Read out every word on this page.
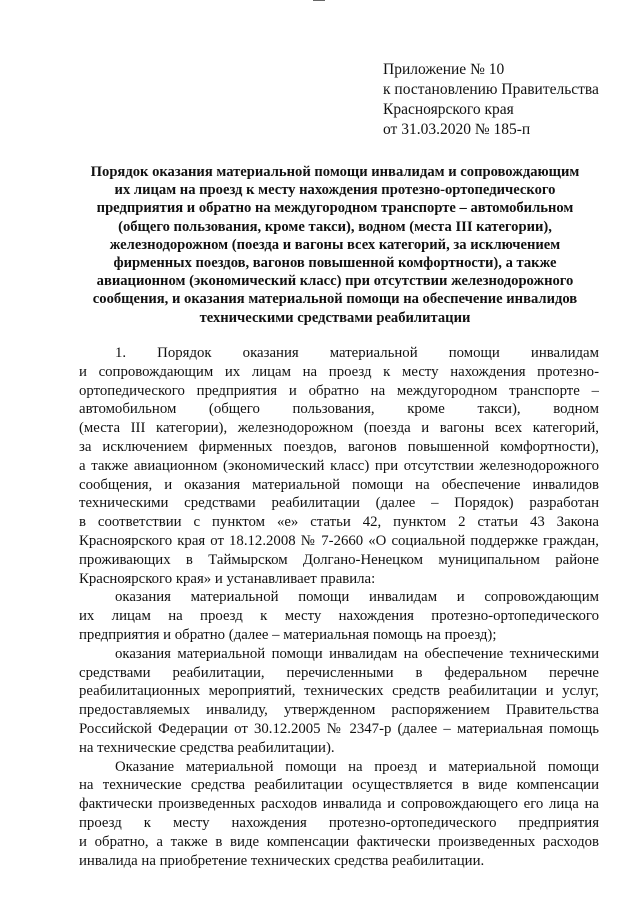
Приложение № 10
к постановлению Правительства
Красноярского края
от 31.03.2020 № 185-п
Порядок оказания материальной помощи инвалидам и сопровождающим
их лицам на проезд к месту нахождения протезно-ортопедического
предприятия и обратно на междугородном транспорте – автомобильном
(общего пользования, кроме такси), водном (места III категории),
железнодорожном (поезда и вагоны всех категорий, за исключением
фирменных поездов, вагонов повышенной комфортности), а также
авиационном (экономический класс) при отсутствии железнодорожного
сообщения, и оказания материальной помощи на обеспечение инвалидов
техническими средствами реабилитации
1. Порядок оказания материальной помощи инвалидам
и сопровождающим их лицам на проезд к месту нахождения протезно-
ортопедического предприятия и обратно на междугородном транспорте –
автомобильном (общего пользования, кроме такси), водном
(места III категории), железнодорожном (поезда и вагоны всех категорий,
за исключением фирменных поездов, вагонов повышенной комфортности),
а также авиационном (экономический класс) при отсутствии железнодорожного
сообщения, и оказания материальной помощи на обеспечение инвалидов
техническими средствами реабилитации (далее – Порядок) разработан
в соответствии с пунктом «е» статьи 42, пунктом 2 статьи 43 Закона
Красноярского края от 18.12.2008 № 7-2660 «О социальной поддержке граждан,
проживающих в Таймырском Долгано-Ненецком муниципальном районе
Красноярского края» и устанавливает правила:
оказания материальной помощи инвалидам и сопровождающим
их лицам на проезд к месту нахождения протезно-ортопедического
предприятия и обратно (далее – материальная помощь на проезд);
оказания материальной помощи инвалидам на обеспечение техническими
средствами реабилитации, перечисленными в федеральном перечне
реабилитационных мероприятий, технических средств реабилитации и услуг,
предоставляемых инвалиду, утвержденном распоряжением Правительства
Российской Федерации от 30.12.2005 № 2347-р (далее – материальная помощь
на технические средства реабилитации).
Оказание материальной помощи на проезд и материальной помощи
на технические средства реабилитации осуществляется в виде компенсации
фактически произведенных расходов инвалида и сопровождающего его лица на
проезд к месту нахождения протезно-ортопедического предприятия
и обратно, а также в виде компенсации фактически произведенных расходов
инвалида на приобретение технических средства реабилитации.
